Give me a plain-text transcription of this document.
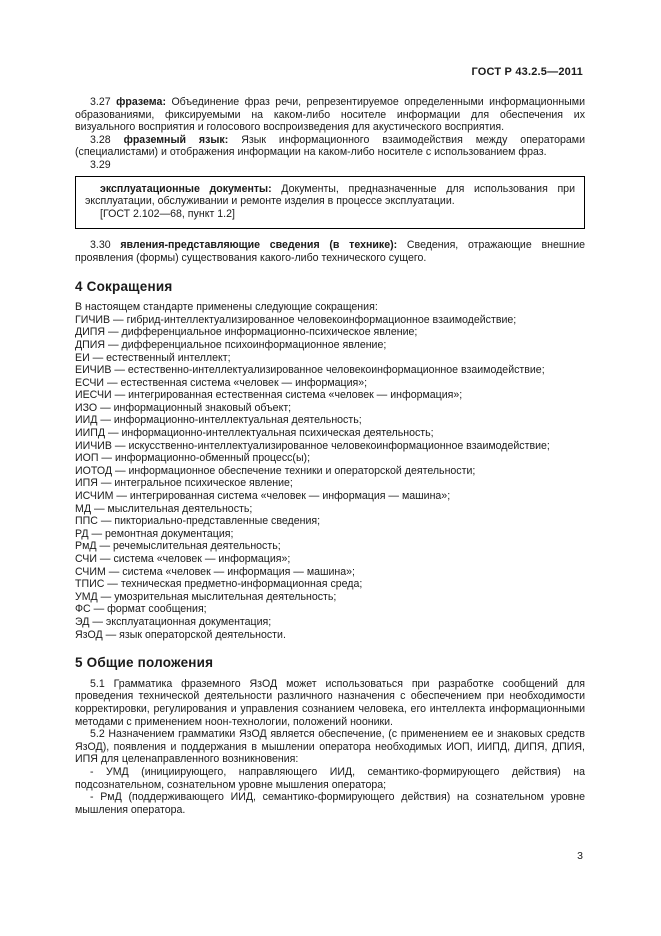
ГОСТ Р 43.2.5—2011

3.27 фраземa: Объединение фраз речи, репрезентируемое определенными информационными образованиями, фиксируемыми на каком-либо носителе информации для обеспечения их визуального восприятия и голосового воспроизведения для акустического восприятия.

3.28 фраземный язык: Язык информационного взаимодействия между операторами (специалистами) и отображения информации на каком-либо носителе с использованием фраз.

3.29

эксплуатационные документы: Документы, предназначенные для использования при эксплуатации, обслуживании и ремонте изделия в процессе эксплуатации.

[ГОСТ 2.102—68, пункт 1.2]

3.30 явления-представляющие сведения (в технике): Сведения, отражающие внешние проявления (формы) существования какого-либо технического сущего.

4 Сокращения

В настоящем стандарте применены следующие сокращения:

ГИЧИВ — гибрид-интеллектуализированное человекоинформационное взаимодействие;

ДИПЯ — дифференциальное информационно-психическое явление;

ДПИЯ — дифференциальное психоинформационное явление;

ЕИ — естественный интеллект;

ЕИЧИВ — естественно-интеллектуализированное человекоинформационное взаимодействие;

ЕСЧИ — естественная система «человек — информация»;

ИЕСЧИ — интегрированная естественная система «человек — информация»;

ИЗО — информационный знаковый объект;

ИИД — информационно-интеллектуальная деятельность;

ИИПД — информационно-интеллектуальная психическая деятельность;

ИИЧИВ — искусственно-интеллектуализированное человекоинформационное взаимодействие;

ИОП — информационно-обменный процесс(ы);

ИОТОД — информационное обеспечение техники и операторской деятельности;

ИПЯ — интегральное психическое явление;

ИСЧИМ — интегрированная система «человек — информация — машина»;

МД — мыслительная деятельность;

ППС — пикториально-представленные сведения;

РД — ремонтная документация;

РмД — речемыслительная деятельность;

СЧИ — система «человек — информация»;

СЧИМ — система «человек — информация — машина»;

ТПИС — техническая предметно-информационная среда;

УМД — умозрительная мыслительная деятельность;

ФС — формат сообщения;

ЭД — эксплуатационная документация;

ЯзОД — язык операторской деятельности.

5 Общие положения

5.1 Грамматика фраземного ЯзОД может использоваться при разработке сообщений для проведения технической деятельности различного назначения с обеспечением при необходимости корректировки, регулирования и управления сознанием человека, его интеллекта информационными методами с применением ноон-технологии, положений нооники.

5.2 Назначением грамматики ЯзОД является обеспечение, (с применением ее и знаковых средств ЯзОД), появления и поддержания в мышлении оператора необходимых ИОП, ИИПД, ДИПЯ, ДПИЯ, ИПЯ для целенаправленного возникновения:

- УМД (инициирующего, направляющего ИИД, семантико-формирующего действия) на подсознательном, сознательном уровне мышления оператора;

- РмД (поддерживающего ИИД, семантико-формирующего действия) на сознательном уровне мышления оператора.

3
